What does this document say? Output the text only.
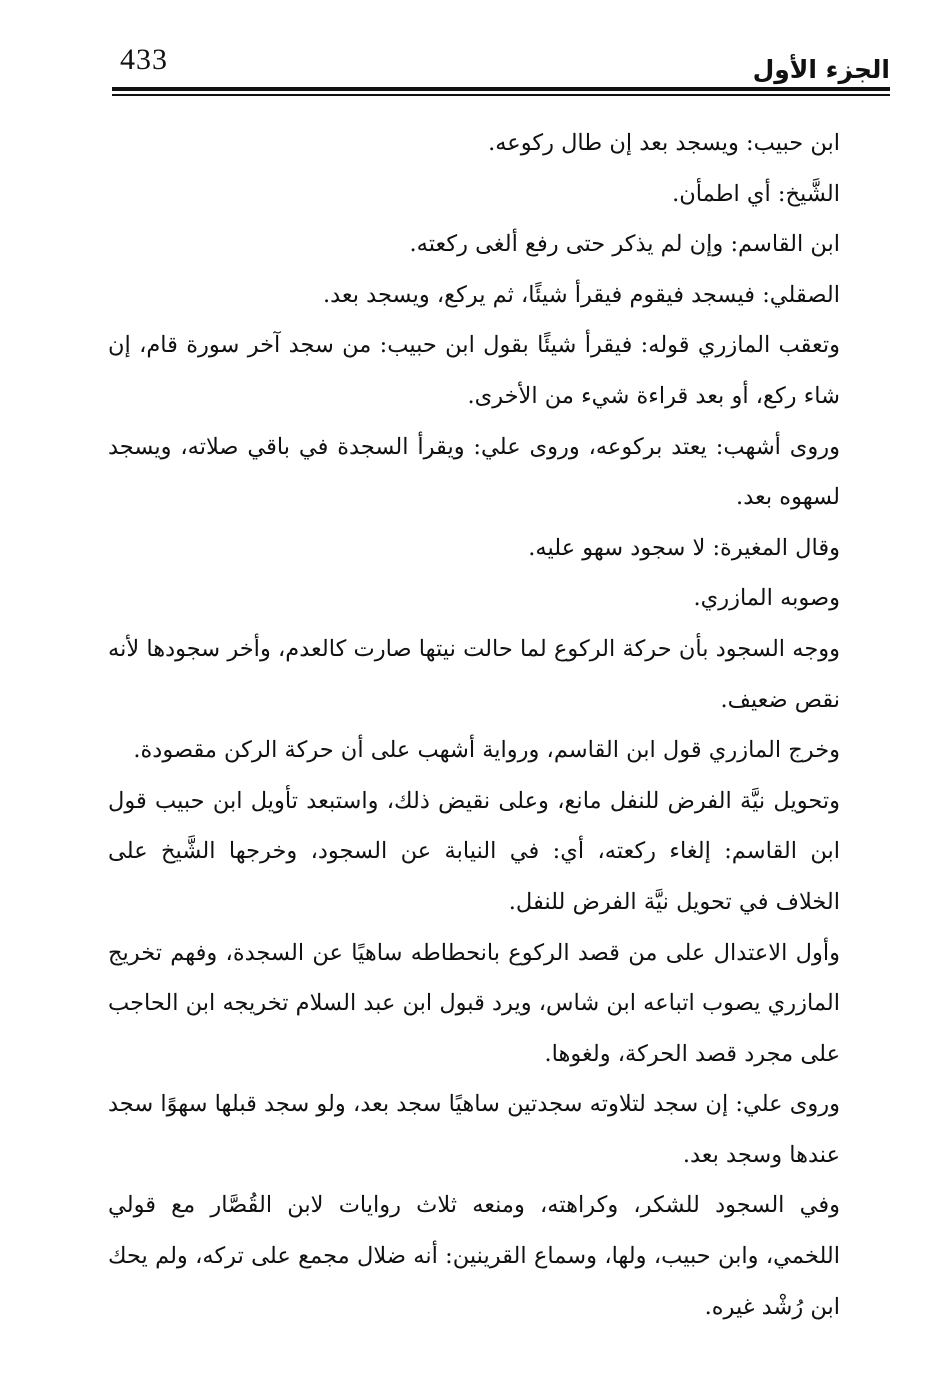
433	الجزء الأول

ابن حبيب: ويسجد بعد إن طال ركوعه.

الشَّيخ: أي اطمأن.

ابن القاسم: وإن لم يذكر حتى رفع ألغى ركعته.

الصقلي: فيسجد فيقوم فيقرأ شيئًا، ثم يركع، ويسجد بعد.

وتعقب المازري قوله: فيقرأ شيئًا بقول ابن حبيب: من سجد آخر سورة قام، إن شاء ركع، أو بعد قراءة شيء من الأخرى.

وروى أشهب: يعتد بركوعه، وروى علي: ويقرأ السجدة في باقي صلاته، ويسجد لسهوه بعد.

وقال المغيرة: لا سجود سهو عليه.

وصوبه المازري.

ووجه السجود بأن حركة الركوع لما حالت نيتها صارت كالعدم، وأخر سجودها لأنه نقص ضعيف.

وخرج المازري قول ابن القاسم، ورواية أشهب على أن حركة الركن مقصودة.

وتحويل نيَّة الفرض للنفل مانع، وعلى نقيض ذلك، واستبعد تأويل ابن حبيب قول ابن القاسم: إلغاء ركعته، أي: في النيابة عن السجود، وخرجها الشَّيخ على الخلاف في تحويل نيَّة الفرض للنفل.

وأول الاعتدال على من قصد الركوع بانحطاطه ساهيًا عن السجدة، وفهم تخريج المازري يصوب اتباعه ابن شاس، ويرد قبول ابن عبد السلام تخريجه ابن الحاجب على مجرد قصد الحركة، ولغوها.

وروى علي: إن سجد لتلاوته سجدتين ساهيًا سجد بعد، ولو سجد قبلها سهوًا سجد عندها وسجد بعد.

وفي السجود للشكر، وكراهته، ومنعه ثلاث روايات لابن القُصَّار مع قولي اللخمي، وابن حبيب، ولها، وسماع القرينين: أنه ضلال مجمع على تركه، ولم يحك ابن رُشْد غيره.
